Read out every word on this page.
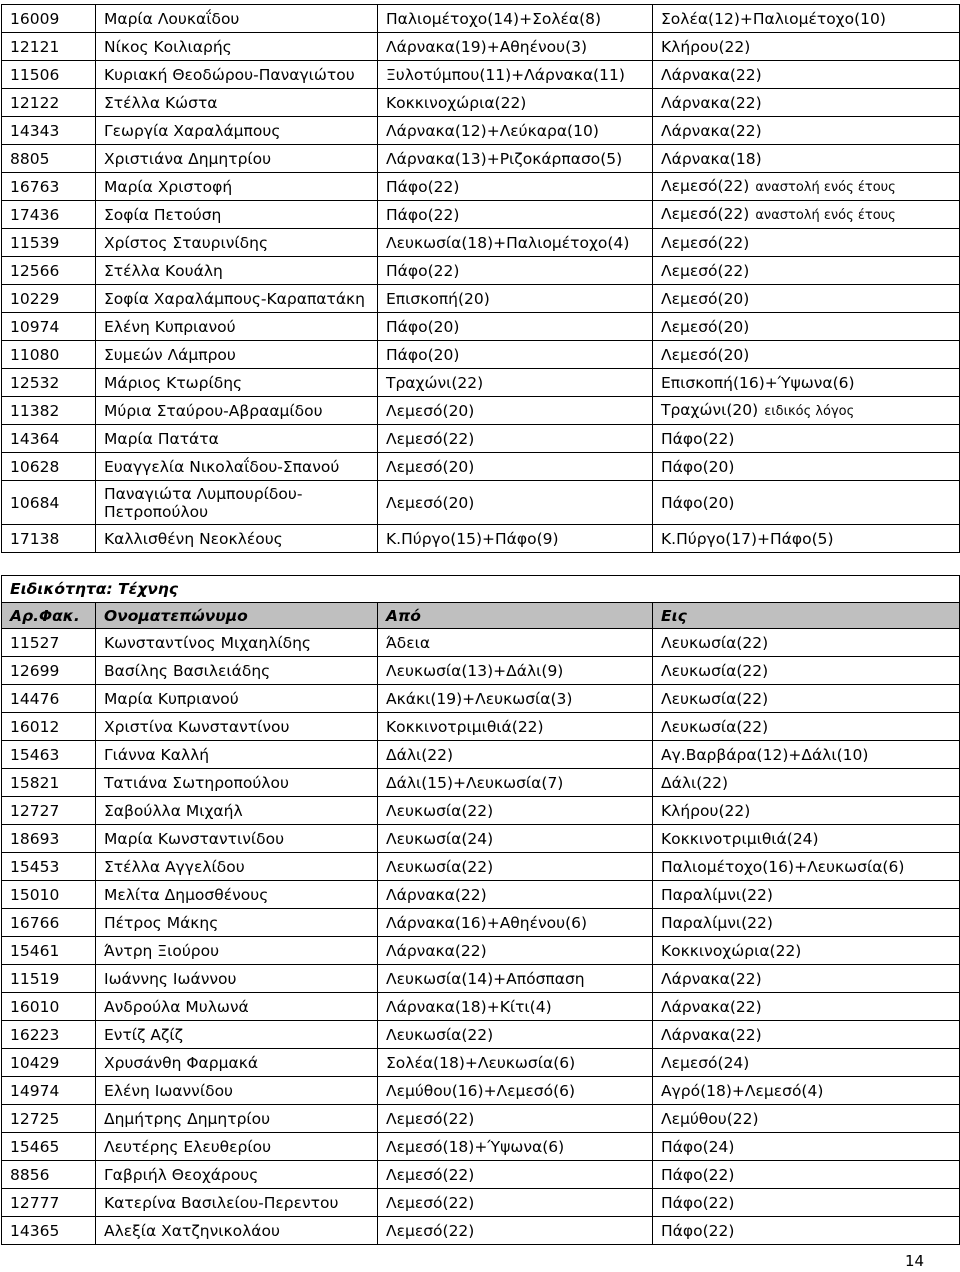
16009	Μαρία Λουκαΐδου	Παλιομέτοχο(14)+Σολέα(8)	Σολέα(12)+Παλιομέτοχο(10)
12121	Νίκος Κοιλιαρής	Λάρνακα(19)+Αθηένου(3)	Κλήρου(22)
11506	Κυριακή Θεοδώρου-Παναγιώτου	Ξυλοτύμπου(11)+Λάρνακα(11)	Λάρνακα(22)
12122	Στέλλα Κώστα	Κοκκινοχώρια(22)	Λάρνακα(22)
14343	Γεωργία Χαραλάμπους	Λάρνακα(12)+Λεύκαρα(10)	Λάρνακα(22)
8805	Χριστιάνα Δημητρίου	Λάρνακα(13)+Ριζοκάρπασο(5)	Λάρνακα(18)
16763	Μαρία Χριστοφή	Πάφο(22)	Λεμεσό(22) αναστολή ενός έτους
17436	Σοφία Πετούση	Πάφο(22)	Λεμεσό(22) αναστολή ενός έτους
11539	Χρίστος Σταυρινίδης	Λευκωσία(18)+Παλιομέτοχο(4)	Λεμεσό(22)
12566	Στέλλα Κουάλη	Πάφο(22)	Λεμεσό(22)
10229	Σοφία Χαραλάμπους-Καραπατάκη	Επισκοπή(20)	Λεμεσό(20)
10974	Ελένη Κυπριανού	Πάφο(20)	Λεμεσό(20)
11080	Συμεών Λάμπρου	Πάφο(20)	Λεμεσό(20)
12532	Μάριος Κτωρίδης	Τραχώνι(22)	Επισκοπή(16)+Ύψωνα(6)
11382	Μύρια Σταύρου-Αβρααμίδου	Λεμεσό(20)	Τραχώνι(20) ειδικός λόγος
14364	Μαρία Πατάτα	Λεμεσό(22)	Πάφο(22)
10628	Ευαγγελία Νικολαΐδου-Σπανού	Λεμεσό(20)	Πάφο(20)
10684	Παναγιώτα Λυμπουρίδου-Πετροπούλου	Λεμεσό(20)	Πάφο(20)
17138	Καλλισθένη Νεοκλέους	Κ.Πύργο(15)+Πάφο(9)	Κ.Πύργο(17)+Πάφο(5)
Ειδικότητα: Τέχνης			
Αρ.Φακ.	Ονοματεπώνυμο	Από	Εις
11527	Κωνσταντίνος Μιχαηλίδης	Άδεια	Λευκωσία(22)
12699	Βασίλης Βασιλειάδης	Λευκωσία(13)+Δάλι(9)	Λευκωσία(22)
14476	Μαρία Κυπριανού	Ακάκι(19)+Λευκωσία(3)	Λευκωσία(22)
16012	Χριστίνα Κωνσταντίνου	Κοκκινοτριμιθιά(22)	Λευκωσία(22)
15463	Γιάννα Καλλή	Δάλι(22)	Αγ.Βαρβάρα(12)+Δάλι(10)
15821	Τατιάνα Σωτηροπούλου	Δάλι(15)+Λευκωσία(7)	Δάλι(22)
12727	Σαβούλλα Μιχαήλ	Λευκωσία(22)	Κλήρου(22)
18693	Μαρία Κωνσταντινίδου	Λευκωσία(24)	Κοκκινοτριμιθιά(24)
15453	Στέλλα Αγγελίδου	Λευκωσία(22)	Παλιομέτοχο(16)+Λευκωσία(6)
15010	Μελίτα Δημοσθένους	Λάρνακα(22)	Παραλίμνι(22)
16766	Πέτρος Μάκης	Λάρνακα(16)+Αθηένου(6)	Παραλίμνι(22)
15461	Άντρη Ξιούρου	Λάρνακα(22)	Κοκκινοχώρια(22)
11519	Ιωάννης Ιωάννου	Λευκωσία(14)+Απόσπαση	Λάρνακα(22)
16010	Ανδρούλα Μυλωνά	Λάρνακα(18)+Κίτι(4)	Λάρνακα(22)
16223	Εντίζ Αζίζ	Λευκωσία(22)	Λάρνακα(22)
10429	Χρυσάνθη Φαρμακά	Σολέα(18)+Λευκωσία(6)	Λεμεσό(24)
14974	Ελένη Ιωαννίδου	Λεμύθου(16)+Λεμεσό(6)	Αγρό(18)+Λεμεσό(4)
12725	Δημήτρης Δημητρίου	Λεμεσό(22)	Λεμύθου(22)
15465	Λευτέρης Ελευθερίου	Λεμεσό(18)+Ύψωνα(6)	Πάφο(24)
8856	Γαβριήλ Θεοχάρους	Λεμεσό(22)	Πάφο(22)
12777	Κατερίνα Βασιλείου-Περεντου	Λεμεσό(22)	Πάφο(22)
14365	Αλεξία Χατζηνικολάου	Λεμεσό(22)	Πάφο(22)
14
